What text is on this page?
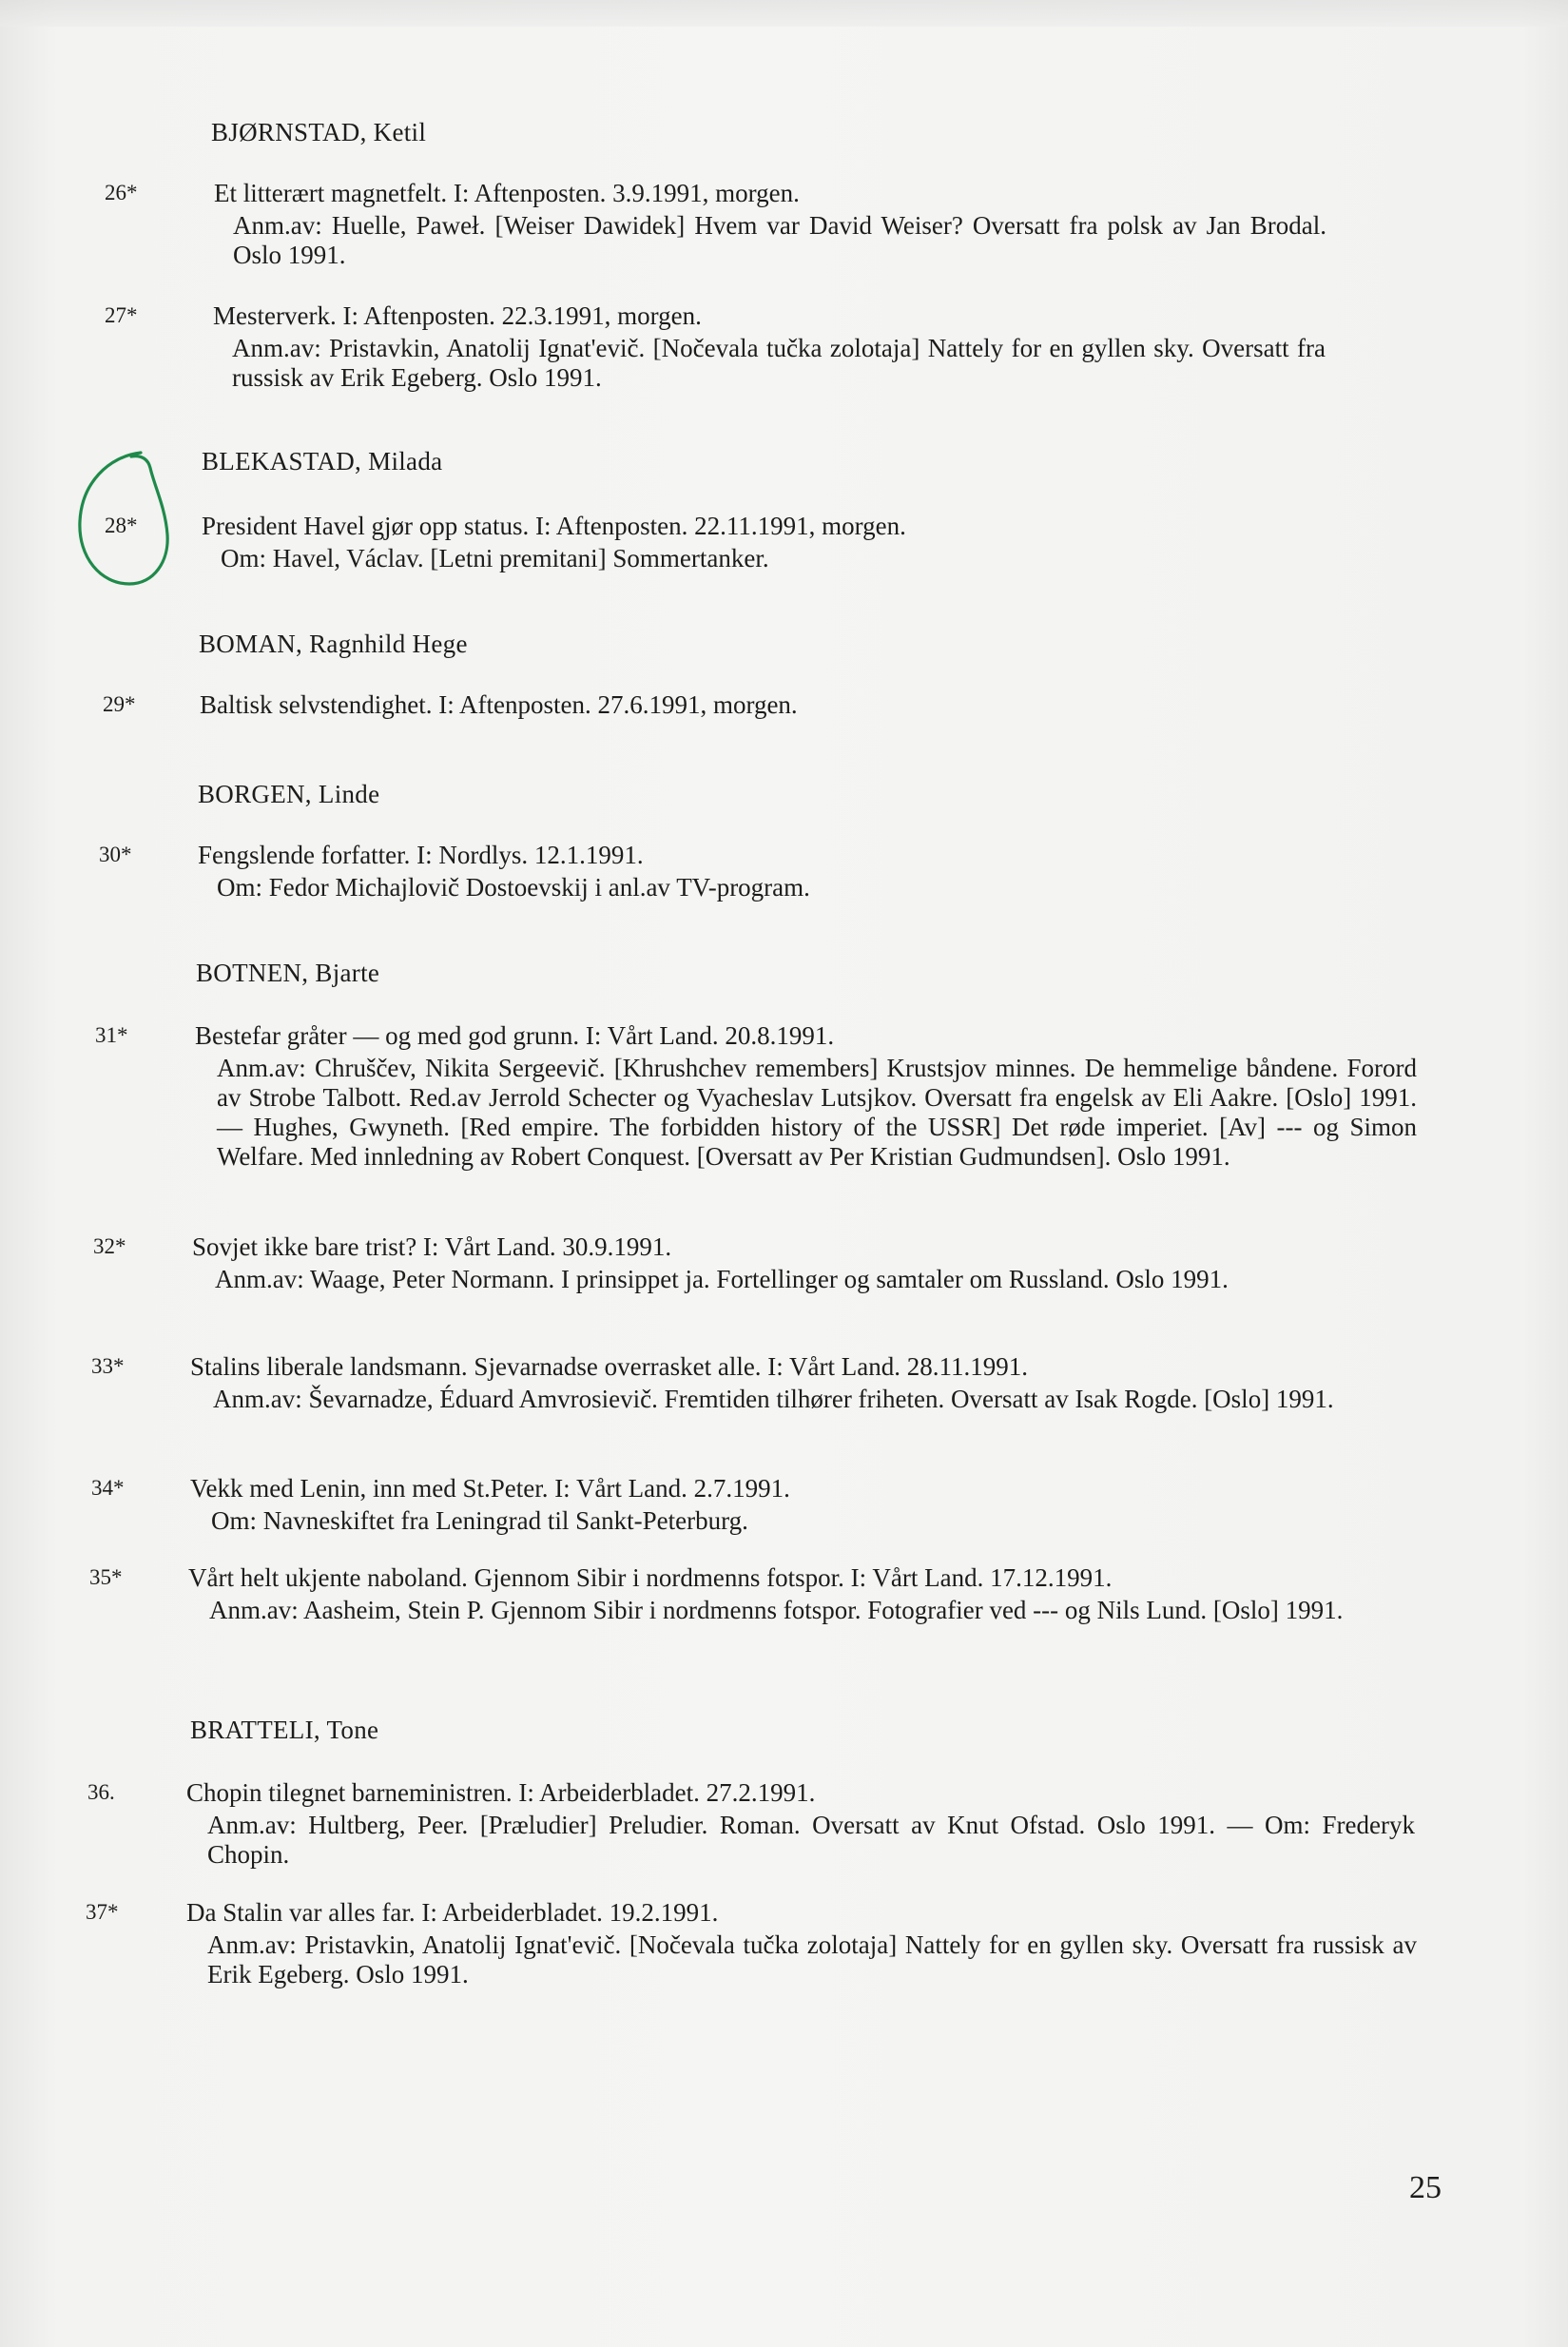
BJØRNSTAD, Ketil
26*	Et litterært magnetfelt. I: Aftenposten. 3.9.1991, morgen.
Anm.av: Huelle, Paweł. [Weiser Dawidek] Hvem var David Weiser? Oversatt fra polsk av Jan Brodal. Oslo 1991.
27*	Mesterverk. I: Aftenposten. 22.3.1991, morgen.
Anm.av: Pristavkin, Anatolij Ignat'evič. [Nočevala tučka zolotaja] Nattely for en gyllen sky. Oversatt fra russisk av Erik Egeberg. Oslo 1991.
BLEKASTAD, Milada
28*	President Havel gjør opp status. I: Aftenposten. 22.11.1991, morgen.
Om: Havel, Václav. [Letni premitani] Sommertanker.
BOMAN, Ragnhild Hege
29*	Baltisk selvstendighet. I: Aftenposten. 27.6.1991, morgen.
BORGEN, Linde
30*	Fengslende forfatter. I: Nordlys. 12.1.1991.
Om: Fedor Michajlovič Dostoevskij i anl.av TV-program.
BOTNEN, Bjarte
31*	Bestefar gråter — og med god grunn. I: Vårt Land. 20.8.1991.
Anm.av: Chruščev, Nikita Sergeevič. [Khrushchev remembers] Krustsjov minnes. De hemmelige båndene. Forord av Strobe Talbott. Red.av Jerrold Schecter og Vyacheslav Lutsjkov. Oversatt fra engelsk av Eli Aakre. [Oslo] 1991. — Hughes, Gwyneth. [Red empire. The forbidden history of the USSR] Det røde imperiet. [Av] --- og Simon Welfare. Med innledning av Robert Conquest. [Oversatt av Per Kristian Gudmundsen]. Oslo 1991.
32*	Sovjet ikke bare trist? I: Vårt Land. 30.9.1991.
Anm.av: Waage, Peter Normann. I prinsippet ja. Fortellinger og samtaler om Russland. Oslo 1991.
33*	Stalins liberale landsmann. Sjevarnadse overrasket alle. I: Vårt Land. 28.11.1991.
Anm.av: Ševarnadze, Éduard Amvrosievič. Fremtiden tilhører friheten. Oversatt av Isak Rogde. [Oslo] 1991.
34*	Vekk med Lenin, inn med St.Peter. I: Vårt Land. 2.7.1991.
Om: Navneskiftet fra Leningrad til Sankt-Peterburg.
35*	Vårt helt ukjente naboland. Gjennom Sibir i nordmenns fotspor. I: Vårt Land. 17.12.1991.
Anm.av: Aasheim, Stein P. Gjennom Sibir i nordmenns fotspor. Fotografier ved --- og Nils Lund. [Oslo] 1991.
BRATTELI, Tone
36.	Chopin tilegnet barneministren. I: Arbeiderbladet. 27.2.1991.
Anm.av: Hultberg, Peer. [Præludier] Preludier. Roman. Oversatt av Knut Ofstad. Oslo 1991. — Om: Frederyk Chopin.
37*	Da Stalin var alles far. I: Arbeiderbladet. 19.2.1991.
Anm.av: Pristavkin, Anatolij Ignat'evič. [Nočevala tučka zolotaja] Nattely for en gyllen sky. Oversatt fra russisk av Erik Egeberg. Oslo 1991.
25
